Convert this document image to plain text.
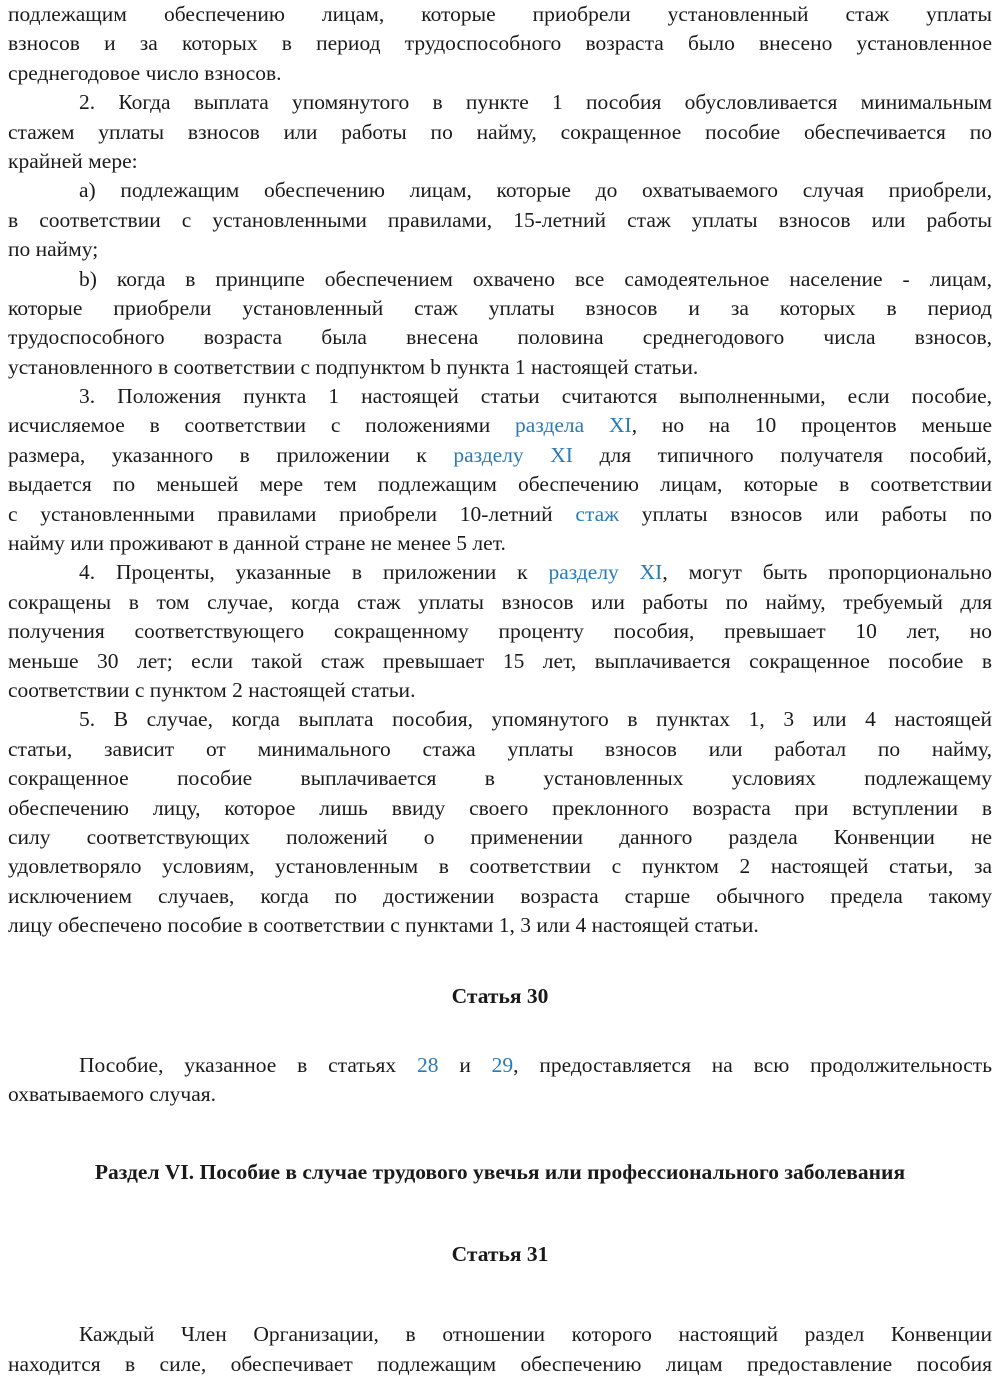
подлежащим обеспечению лицам, которые приобрели установленный стаж уплаты
взносов и за которых в период трудоспособного возраста было внесено установленное
среднегодовое число взносов.
2. Когда выплата упомянутого в пункте 1 пособия обусловливается минимальным
стажем уплаты взносов или работы по найму, сокращенное пособие обеспечивается по
крайней мере:
a) подлежащим обеспечению лицам, которые до охватываемого случая приобрели,
в соответствии с установленными правилами, 15-летний стаж уплаты взносов или работы
по найму;
b) когда в принципе обеспечением охвачено все самодеятельное население - лицам,
которые приобрели установленный стаж уплаты взносов и за которых в период
трудоспособного возраста была внесена половина среднегодового числа взносов,
установленного в соответствии с подпунктом b пункта 1 настоящей статьи.
3. Положения пункта 1 настоящей статьи считаются выполненными, если пособие,
исчисляемое в соответствии с положениями раздела XI, но на 10 процентов меньше
размера, указанного в приложении к разделу XI для типичного получателя пособий,
выдается по меньшей мере тем подлежащим обеспечению лицам, которые в соответствии
с установленными правилами приобрели 10-летний стаж уплаты взносов или работы по
найму или проживают в данной стране не менее 5 лет.
4. Проценты, указанные в приложении к разделу XI, могут быть пропорционально
сокращены в том случае, когда стаж уплаты взносов или работы по найму, требуемый для
получения соответствующего сокращенному проценту пособия, превышает 10 лет, но
меньше 30 лет; если такой стаж превышает 15 лет, выплачивается сокращенное пособие в
соответствии с пунктом 2 настоящей статьи.
5. В случае, когда выплата пособия, упомянутого в пунктах 1, 3 или 4 настоящей
статьи, зависит от минимального стажа уплаты взносов или работал по найму,
сокращенное пособие выплачивается в установленных условиях подлежащему
обеспечению лицу, которое лишь ввиду своего преклонного возраста при вступлении в
силу соответствующих положений о применении данного раздела Конвенции не
удовлетворяло условиям, установленным в соответствии с пунктом 2 настоящей статьи, за
исключением случаев, когда по достижении возраста старше обычного предела такому
лицу обеспечено пособие в соответствии с пунктами 1, 3 или 4 настоящей статьи.
Статья 30
Пособие, указанное в статьях 28 и 29, предоставляется на всю продолжительность
охватываемого случая.
Раздел VI. Пособие в случае трудового увечья или профессионального заболевания
Статья 31
Каждый Член Организации, в отношении которого настоящий раздел Конвенции
находится в силе, обеспечивает подлежащим обеспечению лицам предоставление пособия
